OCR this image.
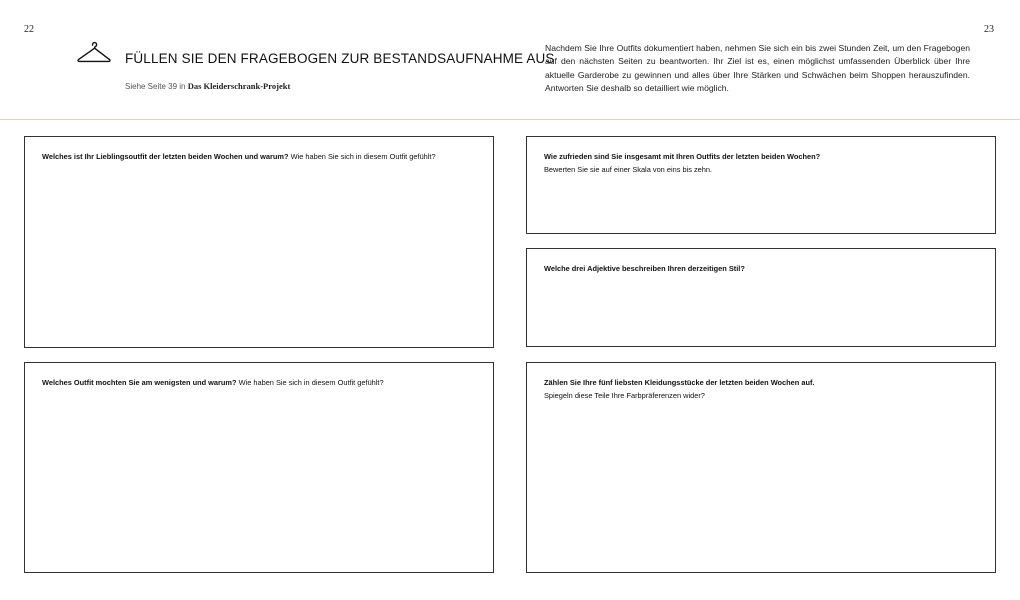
22	23
FÜLLEN SIE DEN FRAGEBOGEN ZUR BESTANDSAUFNAHME AUS
Siehe Seite 39 in Das Kleiderschrank-Projekt

Nachdem Sie Ihre Outfits dokumentiert haben, nehmen Sie sich ein bis zwei Stunden Zeit, um den Fragebogen auf den nächsten Seiten zu beantworten. Ihr Ziel ist es, einen möglichst umfassenden Überblick über Ihre aktuelle Garderobe zu gewinnen und alles über Ihre Stärken und Schwächen beim Shoppen herauszufinden. Antworten Sie deshalb so detailliert wie möglich.

Welches ist Ihr Lieblingsoutfit der letzten beiden Wochen und warum? Wie haben Sie sich in diesem Outfit gefühlt?
Welches Outfit mochten Sie am wenigsten und warum? Wie haben Sie sich in diesem Outfit gefühlt?
Wie zufrieden sind Sie insgesamt mit Ihren Outfits der letzten beiden Wochen?
Bewerten Sie sie auf einer Skala von eins bis zehn.
Welche drei Adjektive beschreiben Ihren derzeitigen Stil?
Zählen Sie Ihre fünf liebsten Kleidungsstücke der letzten beiden Wochen auf.
Spiegeln diese Teile Ihre Farbpräferenzen wider?
